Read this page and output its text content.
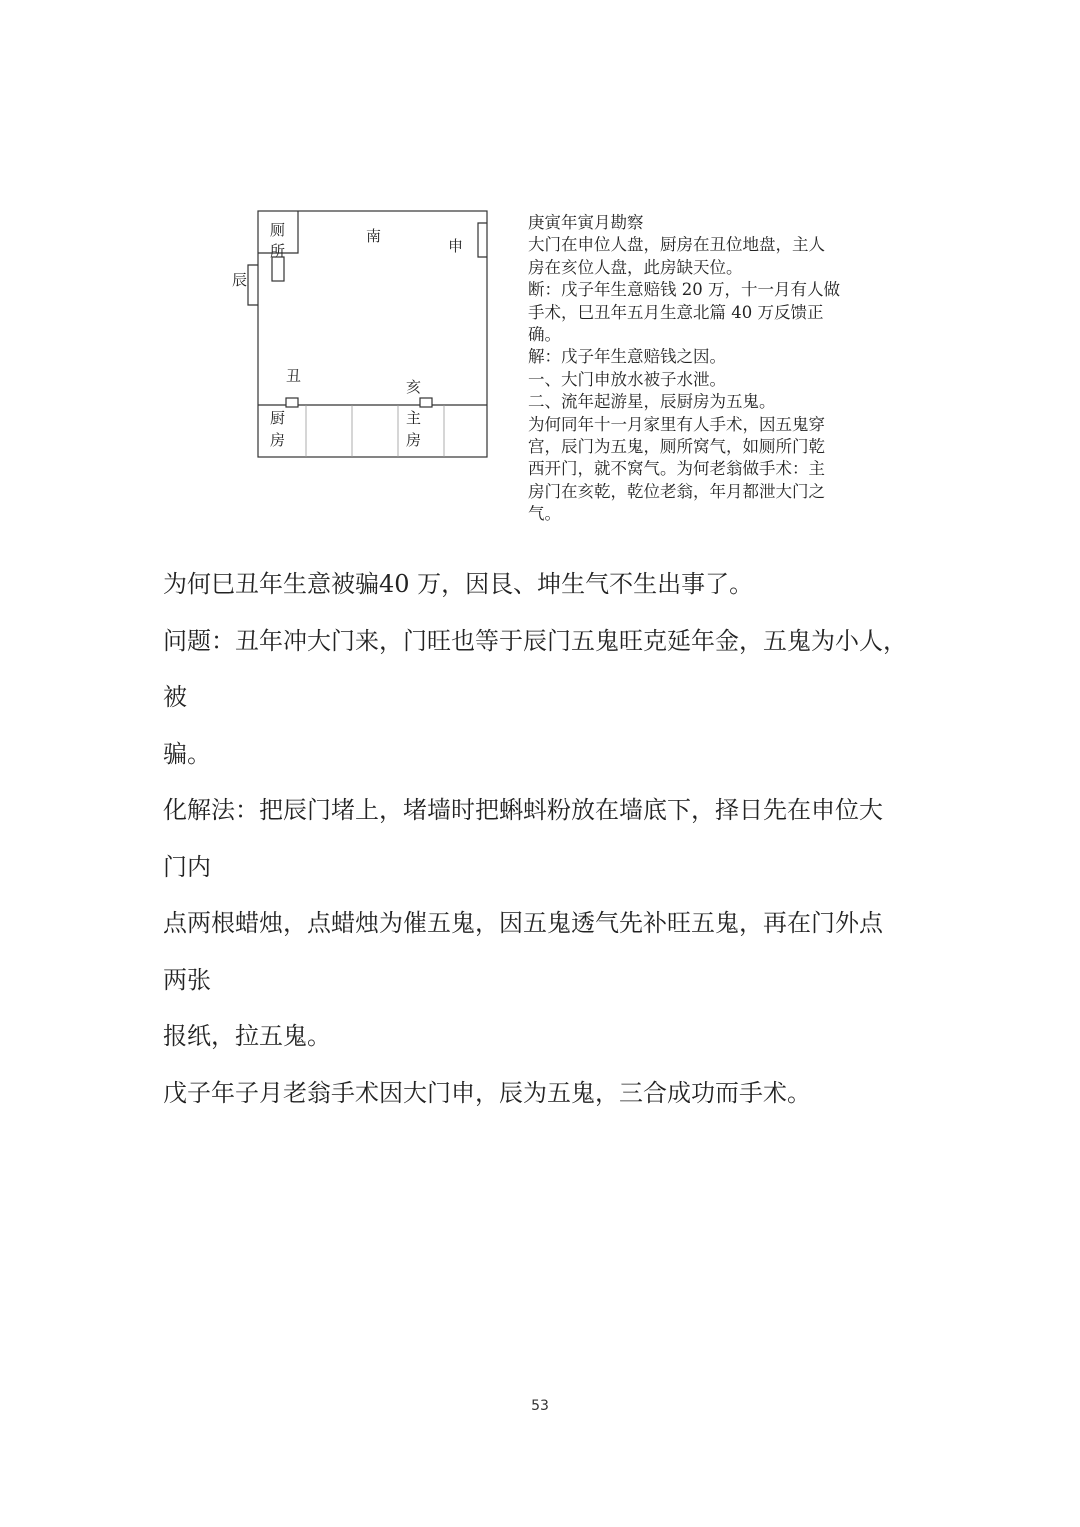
厕
所
南
申
辰
丑
亥
厨
房
主
房
庚寅年寅月勘察
大门在申位人盘，厨房在丑位地盘，主人
房在亥位人盘，此房缺天位。
断：戊子年生意赔钱 20 万，十一月有人做
手术，巳丑年五月生意北篇 40 万反馈正
确。
解：戊子年生意赔钱之因。
一、大门申放水被子水泄。
二、流年起游星，辰厨房为五鬼。
为何同年十一月家里有人手术，因五鬼穿
宫，辰门为五鬼，厕所窝气，如厕所门乾
西开门，就不窝气。为何老翁做手术：主
房门在亥乾，乾位老翁，年月都泄大门之
气。
为何巳丑年生意被骗40 万，因艮、坤生气不生出事了。
问题：丑年冲大门来，门旺也等于辰门五鬼旺克延年金，五鬼为小人，
被
骗。
化解法：把辰门堵上，堵墙时把蝌蚪粉放在墙底下，择日先在申位大
门内
点两根蜡烛，点蜡烛为催五鬼，因五鬼透气先补旺五鬼，再在门外点
两张
报纸，拉五鬼。
戊子年子月老翁手术因大门申，辰为五鬼，三合成功而手术。
53
